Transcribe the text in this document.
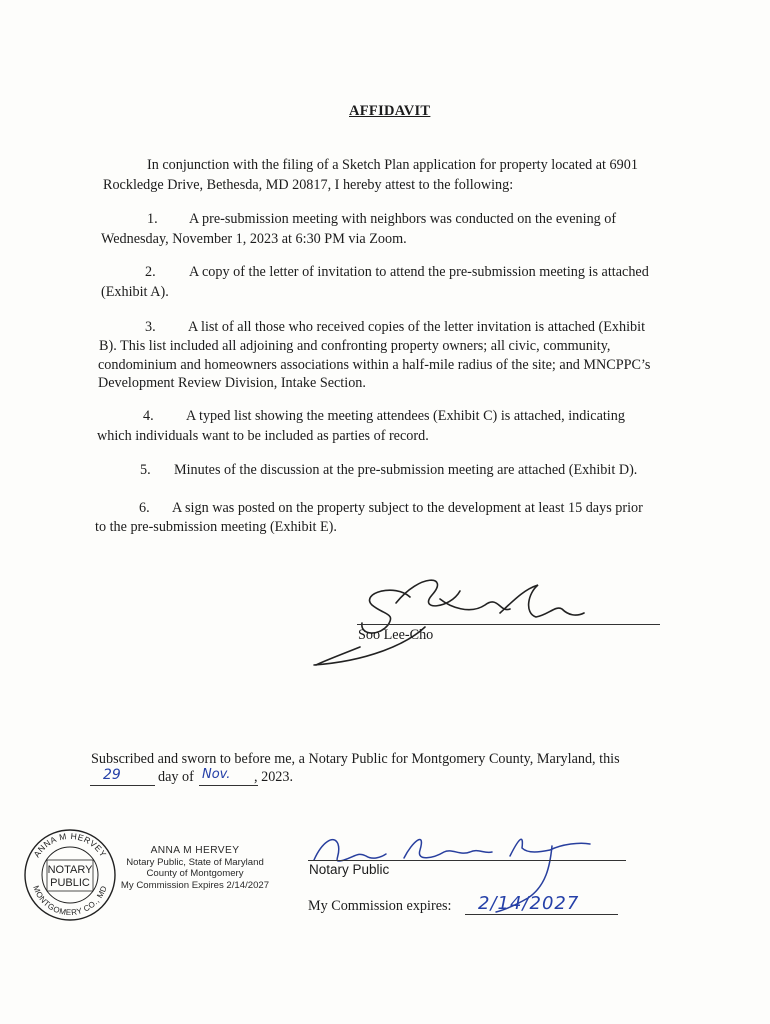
AFFIDAVIT
In conjunction with the filing of a Sketch Plan application for property located at 6901
Rockledge Drive, Bethesda, MD 20817, I hereby attest to the following:
1. A pre-submission meeting with neighbors was conducted on the evening of
Wednesday, November 1, 2023 at 6:30 PM via Zoom.
2. A copy of the letter of invitation to attend the pre-submission meeting is attached
(Exhibit A).
3. A list of all those who received copies of the letter invitation is attached (Exhibit
B). This list included all adjoining and confronting property owners; all civic, community,
condominium and homeowners associations within a half-mile radius of the site; and MNCPPC’s
Development Review Division, Intake Section.
4. A typed list showing the meeting attendees (Exhibit C) is attached, indicating
which individuals want to be included as parties of record.
5. Minutes of the discussion at the pre-submission meeting are attached (Exhibit D).
6. A sign was posted on the property subject to the development at least 15 days prior
to the pre-submission meeting (Exhibit E).
Soo Lee-Cho
Subscribed and sworn to before me, a Notary Public for Montgomery County, Maryland, this
29	day of Nov. , 2023.
ANNA M HERVEY
MONTGOMERY CO., MD
NOTARY
PUBLIC
ANNA M HERVEY
Notary Public, State of Maryland
County of Montgomery
My Commission Expires 2/14/2027
Notary Public
My Commission expires: 2/14/2027
